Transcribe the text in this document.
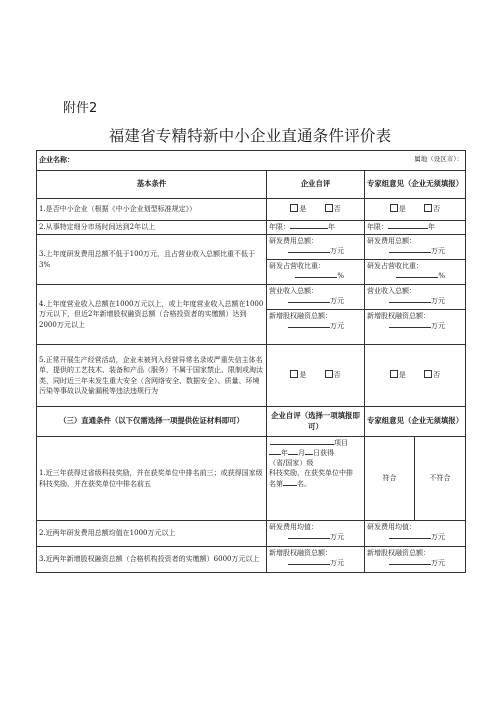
附件2
福建省专精特新中小企业直通条件评价表
企业名称： 属地（设区市）：			

基本条件	企业自评	专家组意见（企业无须填报）	
1.是否中小企业（根据《中小企业划型标准规定》）	是 否	是 否	
2.从事特定细分市场时间达到2年以上	年限： 年	年限： 年	
3.上年度研发费用总额不低于100万元，且占营业收入总额比重不低于3%	研发费用总额：
万元
研发占营收比重：
%	研发费用总额：
万元
研发占营收比重：
%	

4.上年度营业收入总额在1000万元以上，或上年度营业收入总额在1000万元以下，但近2年新增股权融资总额（合格投资者的实缴额）达到2000万元以上	营业收入总额：
万元
新增股权融资总额：
万元	营业收入总额：
万元
新增股权融资总额：
万元	

5.正常开展生产经营活动，企业未被列入经营异常名录或严重失信主体名单，提供的工艺技术、装备和产品（服务）不属于国家禁止、限制或淘汰类，同时近三年未发生重大安全（含网络安全、数据安全）、质量、环境污染等事故以及偷漏税等违法违规行为	是 否	是 否	
（三）直通条件（以下仅需选择一项提供佐证材料即可）	企业自评（选择一项填报即可）	专家组意见（企业无须填报）	
1.近三年获得过省级科技奖励，并在获奖单位中排名前三；或获得国家级科技奖励，并在获奖单位中排名前五	项目
年 月 日获得
（省/国家）级
科技奖励，在获奖单位中排
名第 名。	符合	不符合
2.近两年研发费用总额均值在1000万元以上	研发费用均值：
万元	研发费用均值：
万元	

3.近两年新增股权融资总额（合格机构投资者的实缴额）6000万元以上	新增股权融资总额：
万元	新增股权融资总额：
万元	
